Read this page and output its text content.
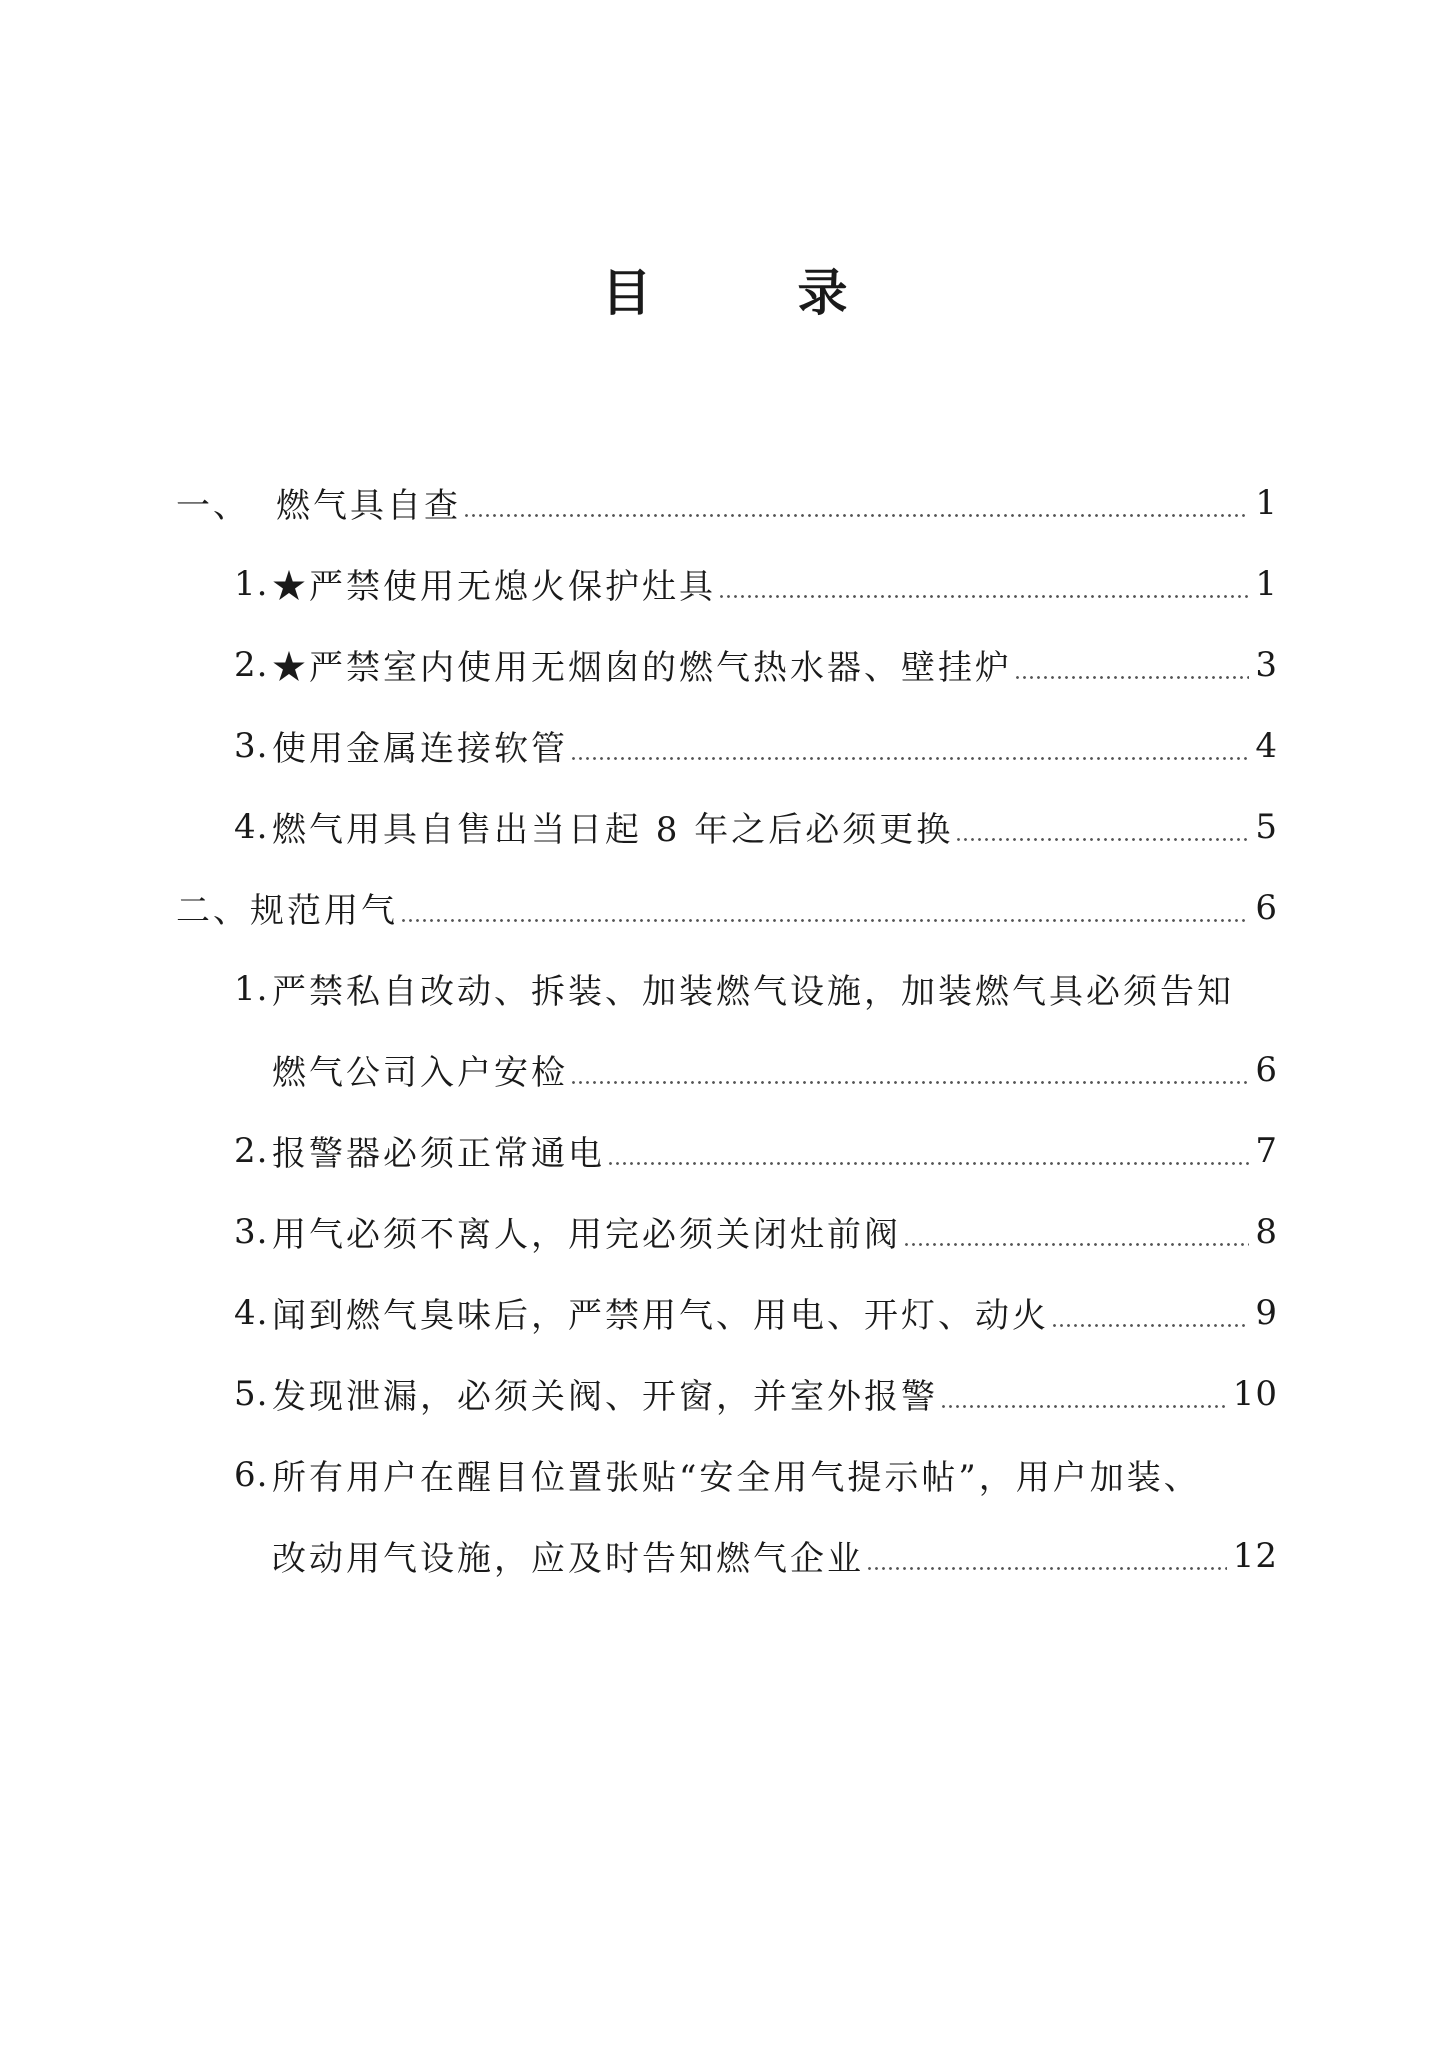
目　录
一、 燃气具自查	1
1. ★严禁使用无熄火保护灶具	1
2. ★严禁室内使用无烟囱的燃气热水器、壁挂炉	3
3. 使用金属连接软管	4
4. 燃气用具自售出当日起 8 年之后必须更换	5
二、 规范用气	6
1. 严禁私自改动、拆装、加装燃气设施，加装燃气具必须告知
燃气公司入户安检	6
2. 报警器必须正常通电	7
3. 用气必须不离人，用完必须关闭灶前阀	8
4. 闻到燃气臭味后，严禁用气、用电、开灯、动火	9
5. 发现泄漏，必须关阀、开窗，并室外报警	10
6. 所有用户在醒目位置张贴“安全用气提示帖”，用户加装、
改动用气设施，应及时告知燃气企业	12
